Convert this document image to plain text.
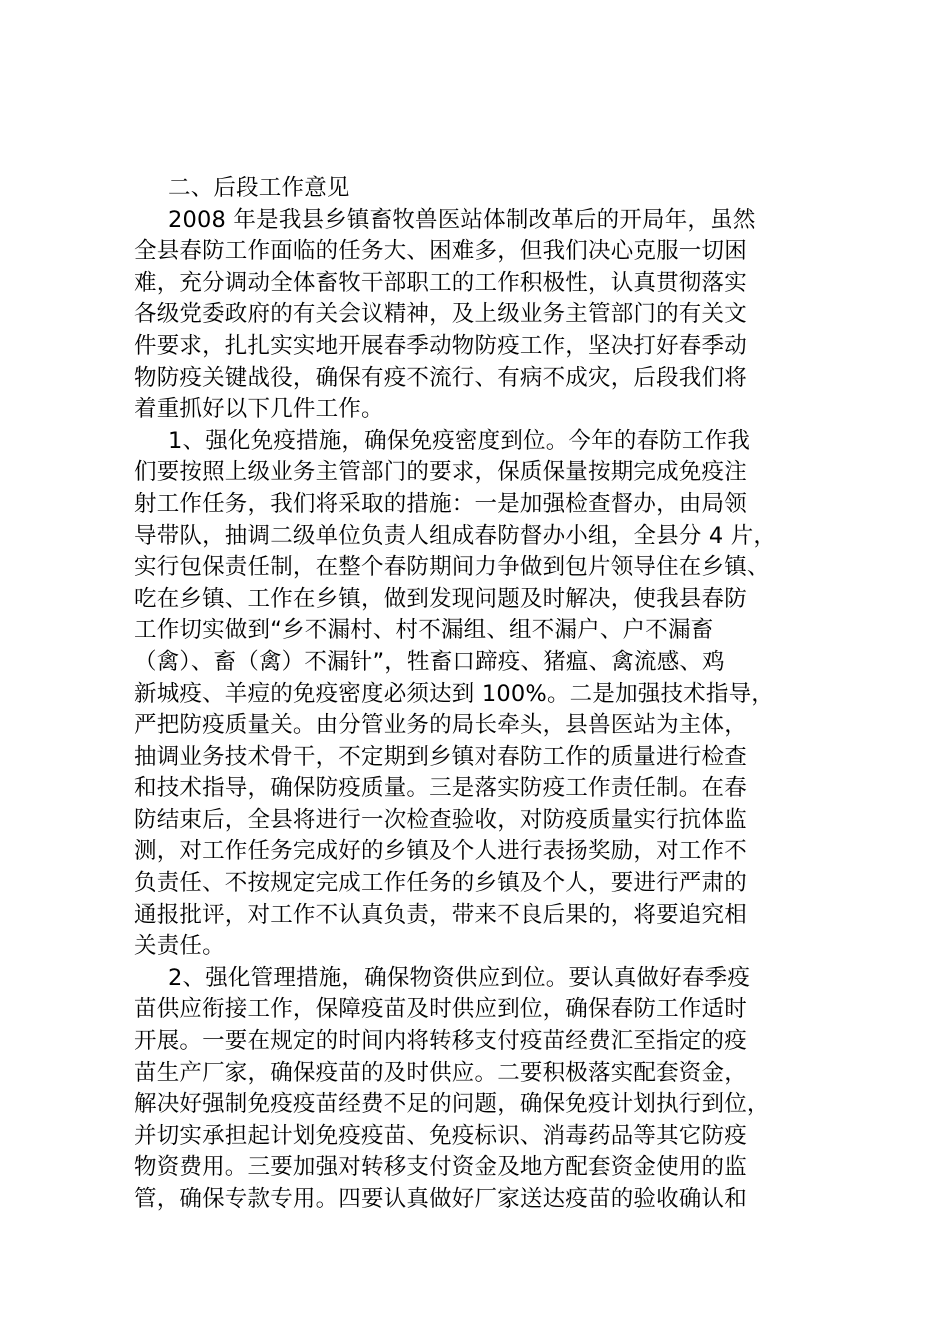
二、后段工作意见
2008 年是我县乡镇畜牧兽医站体制改革后的开局年，虽然
全县春防工作面临的任务大、困难多，但我们决心克服一切困
难，充分调动全体畜牧干部职工的工作积极性，认真贯彻落实
各级党委政府的有关会议精神，及上级业务主管部门的有关文
件要求，扎扎实实地开展春季动物防疫工作，坚决打好春季动
物防疫关键战役，确保有疫不流行、有病不成灾，后段我们将
着重抓好以下几件工作。
1、强化免疫措施，确保免疫密度到位。今年的春防工作我
们要按照上级业务主管部门的要求，保质保量按期完成免疫注
射工作任务，我们将采取的措施：一是加强检查督办，由局领
导带队，抽调二级单位负责人组成春防督办小组，全县分 4 片，
实行包保责任制，在整个春防期间力争做到包片领导住在乡镇、
吃在乡镇、工作在乡镇，做到发现问题及时解决，使我县春防
工作切实做到“乡不漏村、村不漏组、组不漏户、户不漏畜
（禽）、畜（禽）不漏针”，牲畜口蹄疫、猪瘟、禽流感、鸡
新城疫、羊痘的免疫密度必须达到 100%。二是加强技术指导，
严把防疫质量关。由分管业务的局长牵头，县兽医站为主体，
抽调业务技术骨干，不定期到乡镇对春防工作的质量进行检查
和技术指导，确保防疫质量。三是落实防疫工作责任制。在春
防结束后，全县将进行一次检查验收，对防疫质量实行抗体监
测，对工作任务完成好的乡镇及个人进行表扬奖励，对工作不
负责任、不按规定完成工作任务的乡镇及个人，要进行严肃的
通报批评，对工作不认真负责，带来不良后果的，将要追究相
关责任。
2、强化管理措施，确保物资供应到位。要认真做好春季疫
苗供应衔接工作，保障疫苗及时供应到位，确保春防工作适时
开展。一要在规定的时间内将转移支付疫苗经费汇至指定的疫
苗生产厂家，确保疫苗的及时供应。二要积极落实配套资金，
解决好强制免疫疫苗经费不足的问题，确保免疫计划执行到位，
并切实承担起计划免疫疫苗、免疫标识、消毒药品等其它防疫
物资费用。三要加强对转移支付资金及地方配套资金使用的监
管，确保专款专用。四要认真做好厂家送达疫苗的验收确认和
